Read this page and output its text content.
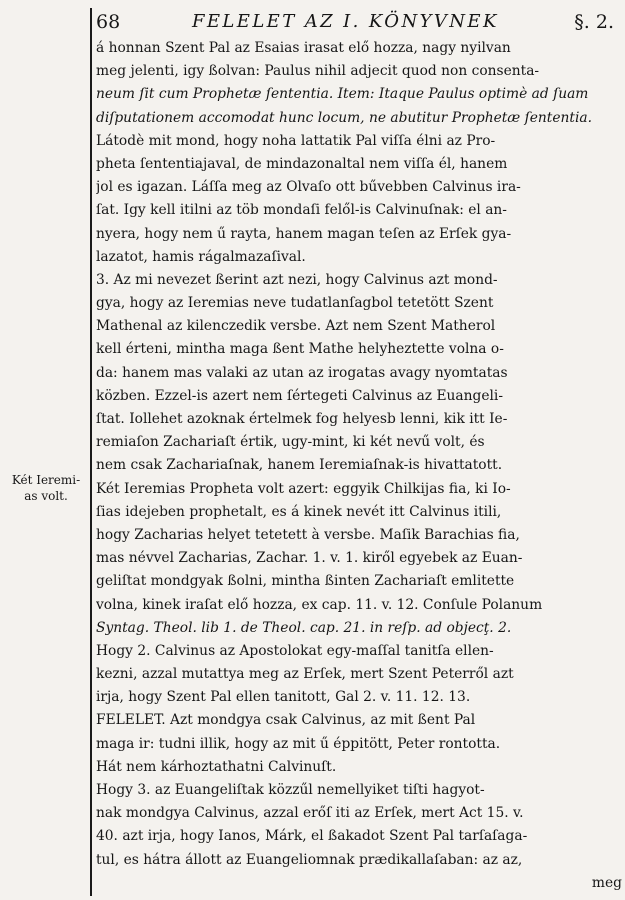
68	FELELET AZ I. KÖNYVNEK	§. 2.
Két Ieremi-as volt.
á honnan Szent Pal az Esaias irasat elő hozza, nagy nyilvan
meg jelenti, igy ßolvan: Paulus nihil adjecit quod non consenta-
neum ſit cum Prophetæ ſententia. Item: Itaque Paulus optimè ad ſuam
diſputationem accomodat hunc locum, ne abutitur Prophetæ ſententia.
Látodè mit mond, hogy noha lattatik Pal viſſa élni az Pro-
pheta ſententiajaval, de mindazonaltal nem viſſa él, hanem
jol es igazan. Láſſa meg az Olvaſo ott bűvebben Calvinus ira-
ſat. Igy kell itilni az töb mondaſi felől-is Calvinuſnak: el an-
nyera, hogy nem ű rayta, hanem magan teſen az Erſek gya-
lazatot, hamis rágalmazaſival.
3. Az mi nevezet ßerint azt nezi, hogy Calvinus azt mond-
gya, hogy az Ieremias neve tudatlanſagbol tetetött Szent
Mathenal az kilenczedik versbe. Azt nem Szent Matherol
kell érteni, mintha maga ßent Mathe helyheztette volna o-
da: hanem mas valaki az utan az irogatas avagy nyomtatas
közben. Ezzel-is azert nem ſértegeti Calvinus az Euangeli-
ſtat. Iollehet azoknak értelmek fog helyesb lenni, kik itt Ie-
remiaſon Zachariaſt értik, ugy-mint, ki két nevű volt, és
nem csak Zachariaſnak, hanem Ieremiaſnak-is hivattatott.
Két Ieremias Propheta volt azert: eggyik Chilkijas fia, ki Io-
ſias idejeben prophetalt, es á kinek nevét itt Calvinus itili,
hogy Zacharias helyet tetetett à versbe. Maſik Barachias fia,
mas névvel Zacharias, Zachar. 1. v. 1. kiről egyebek az Euan-
geliſtat mondgyak ßolni, mintha ßinten Zachariaſt emlitette
volna, kinek iraſat elő hozza, ex cap. 11. v. 12. Conſule Polanum
Syntag. Theol. lib 1. de Theol. cap. 21. in reſp. ad objecţ. 2.
Hogy 2. Calvinus az Apostolokat egy-maſſal tanitſa ellen-
kezni, azzal mutattya meg az Erſek, mert Szent Peterről azt
irja, hogy Szent Pal ellen tanitott, Gal 2. v. 11. 12. 13.
FELELET. Azt mondgya csak Calvinus, az mit ßent Pal
maga ir: tudni illik, hogy az mit ű éppitött, Peter rontotta.
Hát nem kárhoztathatni Calvinuſt.
Hogy 3. az Euangeliſtak közzűl nemellyiket tiſti hagyot-
nak mondgya Calvinus, azzal erőſ iti az Erſek, mert Act 15. v.
40. azt irja, hogy Ianos, Márk, el ßakadot Szent Pal tarſaſaga-
tul, es hátra állott az Euangeliomnak prædikallaſaban: az az,
meg
